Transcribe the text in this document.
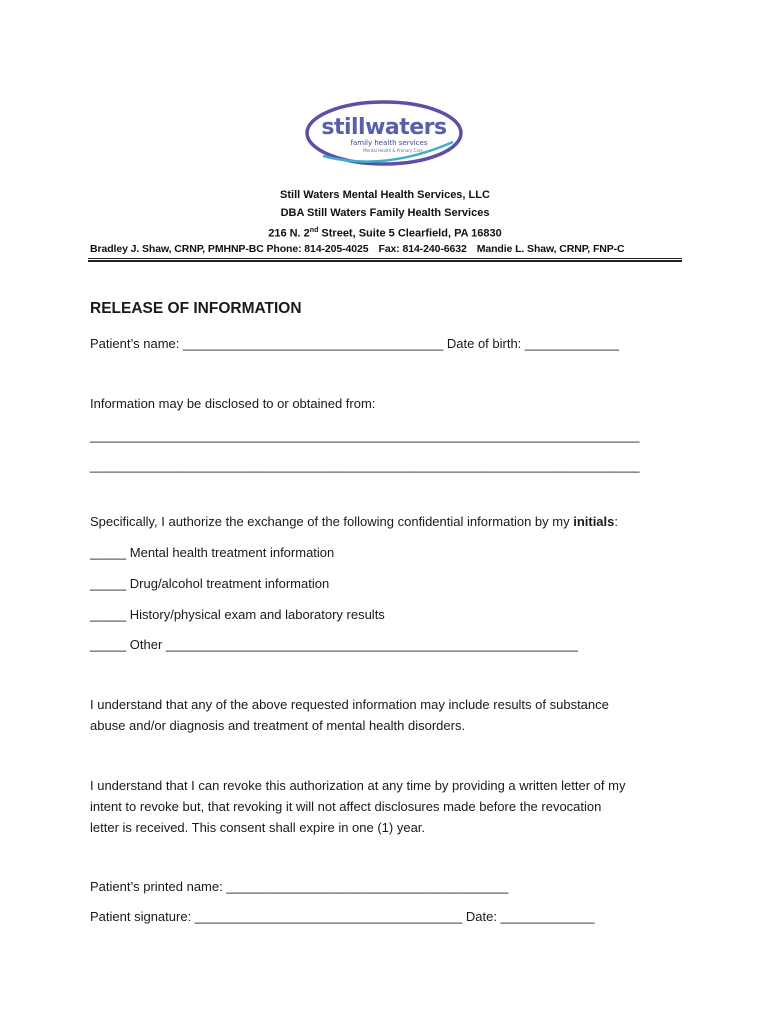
stillwaters
family health services
Mental Health & Primary Care
Still Waters Mental Health Services, LLC
DBA Still Waters Family Health Services
216 N. 2nd Street, Suite 5 Clearfield, PA 16830
Bradley J. Shaw, CRNP, PMHNP-BC Phone: 814-205-4025 Fax: 814-240-6632 Mandie L. Shaw, CRNP, FNP-C
RELEASE OF INFORMATION
Patient’s name: ____________________________________ Date of birth: _____________
Information may be disclosed to or obtained from:
____________________________________________________________________________
____________________________________________________________________________
Specifically, I authorize the exchange of the following confidential information by my initials:
_____ Mental health treatment information
_____ Drug/alcohol treatment information
_____ History/physical exam and laboratory results
_____ Other _________________________________________________________
I understand that any of the above requested information may include results of substance
abuse and/or diagnosis and treatment of mental health disorders.
I understand that I can revoke this authorization at any time by providing a written letter of my
intent to revoke but, that revoking it will not affect disclosures made before the revocation
letter is received. This consent shall expire in one (1) year.
Patient’s printed name: _______________________________________
Patient signature: _____________________________________ Date: _____________
